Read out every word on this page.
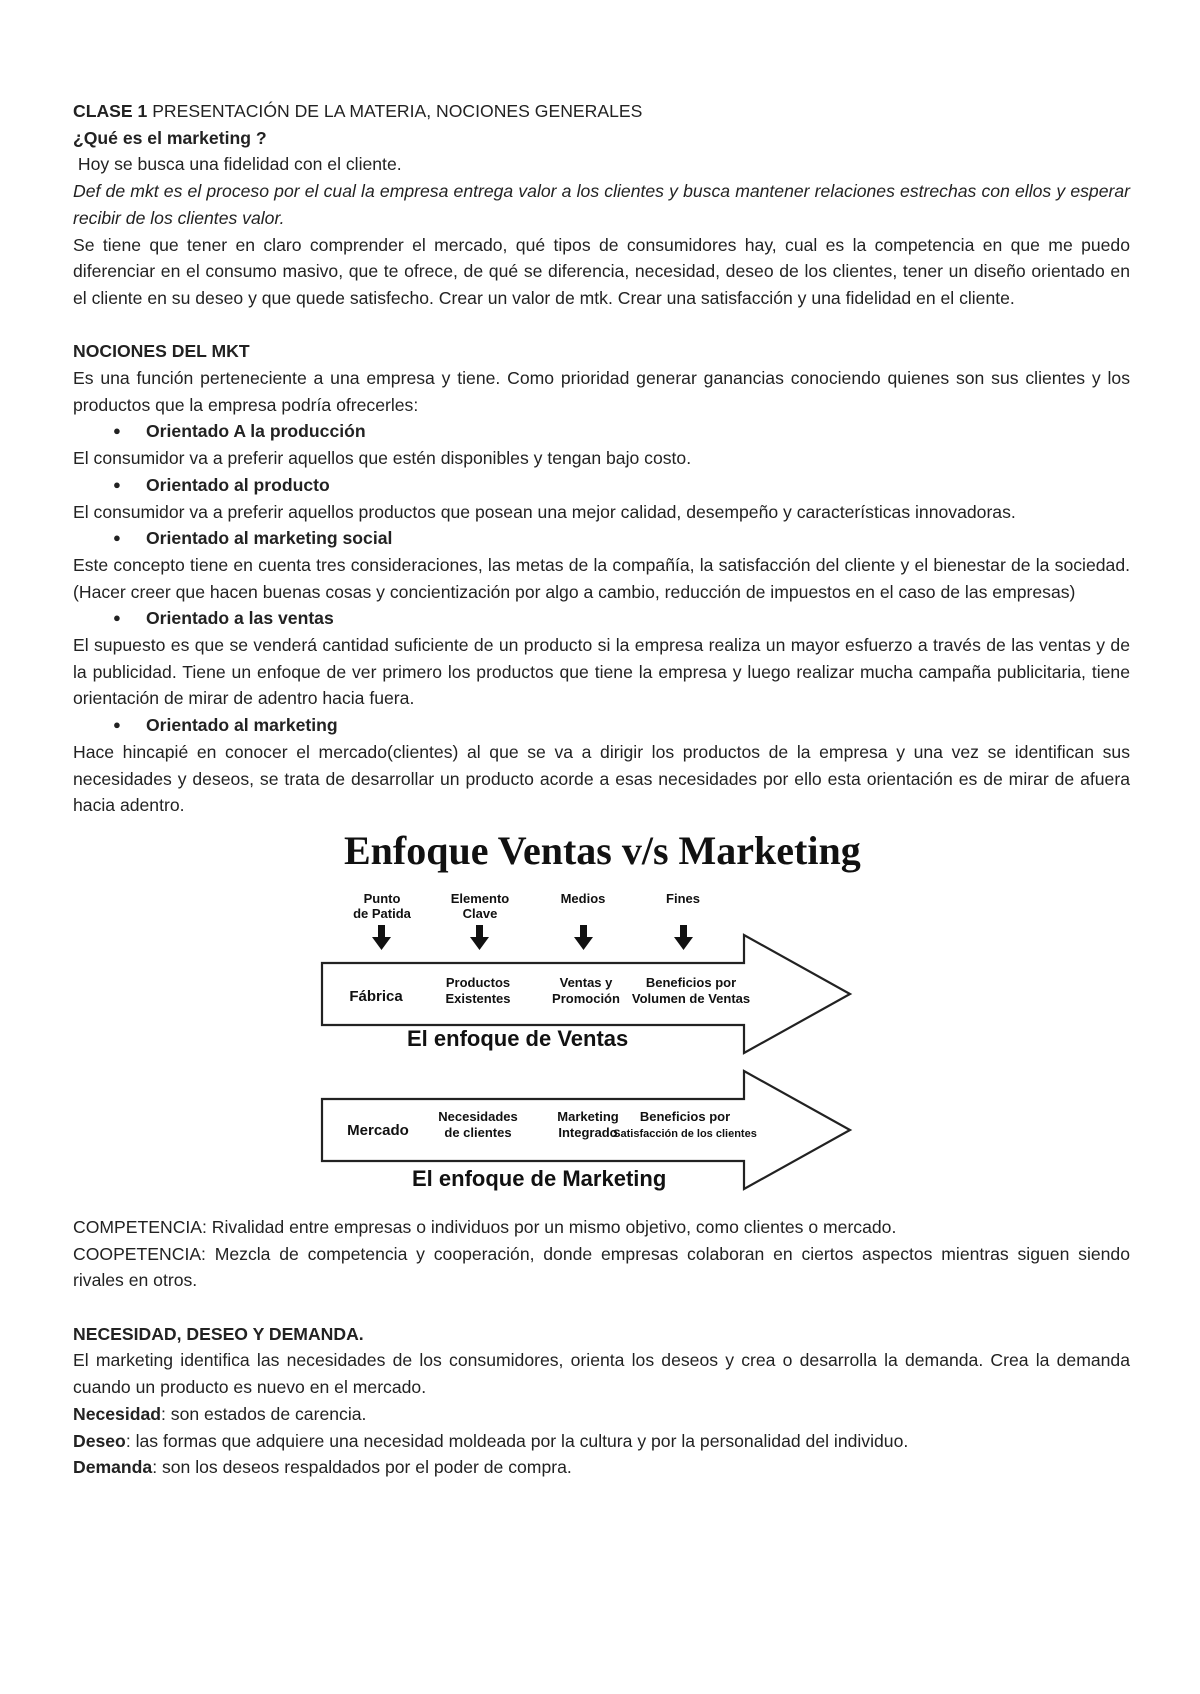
CLASE 1 PRESENTACIÓN DE LA MATERIA, NOCIONES GENERALES

¿Qué es el marketing ?

Hoy se busca una fidelidad con el cliente.

Def de mkt es el proceso por el cual la empresa entrega valor a los clientes y busca mantener relaciones estrechas con ellos y esperar recibir de los clientes valor.

Se tiene que tener en claro comprender el mercado, qué tipos de consumidores hay, cual es la competencia en que me puedo diferenciar en el consumo masivo, que te ofrece, de qué se diferencia, necesidad, deseo de los clientes, tener un diseño orientado en el cliente en su deseo y que quede satisfecho. Crear un valor de mtk. Crear una satisfacción y una fidelidad en el cliente.

NOCIONES DEL MKT

Es una función perteneciente a una empresa y tiene. Como prioridad generar ganancias conociendo quienes son sus clientes y los productos que la empresa podría ofrecerles:

● Orientado A la producción

El consumidor va a preferir aquellos que estén disponibles y tengan bajo costo.

● Orientado al producto

El consumidor va a preferir aquellos productos que posean una mejor calidad, desempeño y características innovadoras.

● Orientado al marketing social

Este concepto tiene en cuenta tres consideraciones, las metas de la compañía, la satisfacción del cliente y el bienestar de la sociedad.(Hacer creer que hacen buenas cosas y concientización por algo a cambio, reducción de impuestos en el caso de las empresas)

● Orientado a las ventas

El supuesto es que se venderá cantidad suficiente de un producto si la empresa realiza un mayor esfuerzo a través de las ventas y de la publicidad. Tiene un enfoque de ver primero los productos que tiene la empresa y luego realizar mucha campaña publicitaria, tiene orientación de mirar de adentro hacia fuera.

● Orientado al marketing

Hace hincapié en conocer el mercado(clientes) al que se va a dirigir los productos de la empresa y una vez se identifican sus necesidades y deseos, se trata de desarrollar un producto acorde a esas necesidades por ello esta orientación es de mirar de afuera hacia adentro.

Enfoque Ventas v/s Marketing
Punto
de Patida
Elemento
Clave
Medios	Fines
Fábrica
Productos
Existentes
Ventas y
Promoción
Beneficios por
Volumen de Ventas
El enfoque de Ventas
Mercado
Necesidades
de clientes
Marketing
Integrado
Beneficios por
Satisfacción de los clientes
El enfoque de Marketing

COMPETENCIA: Rivalidad entre empresas o individuos por un mismo objetivo, como clientes o mercado.

COOPETENCIA: Mezcla de competencia y cooperación, donde empresas colaboran en ciertos aspectos mientras siguen siendo rivales en otros.

NECESIDAD, DESEO Y DEMANDA.

El marketing identifica las necesidades de los consumidores, orienta los deseos y crea o desarrolla la demanda. Crea la demanda cuando un producto es nuevo en el mercado.

Necesidad: son estados de carencia.

Deseo: las formas que adquiere una necesidad moldeada por la cultura y por la personalidad del individuo.

Demanda: son los deseos respaldados por el poder de compra.
